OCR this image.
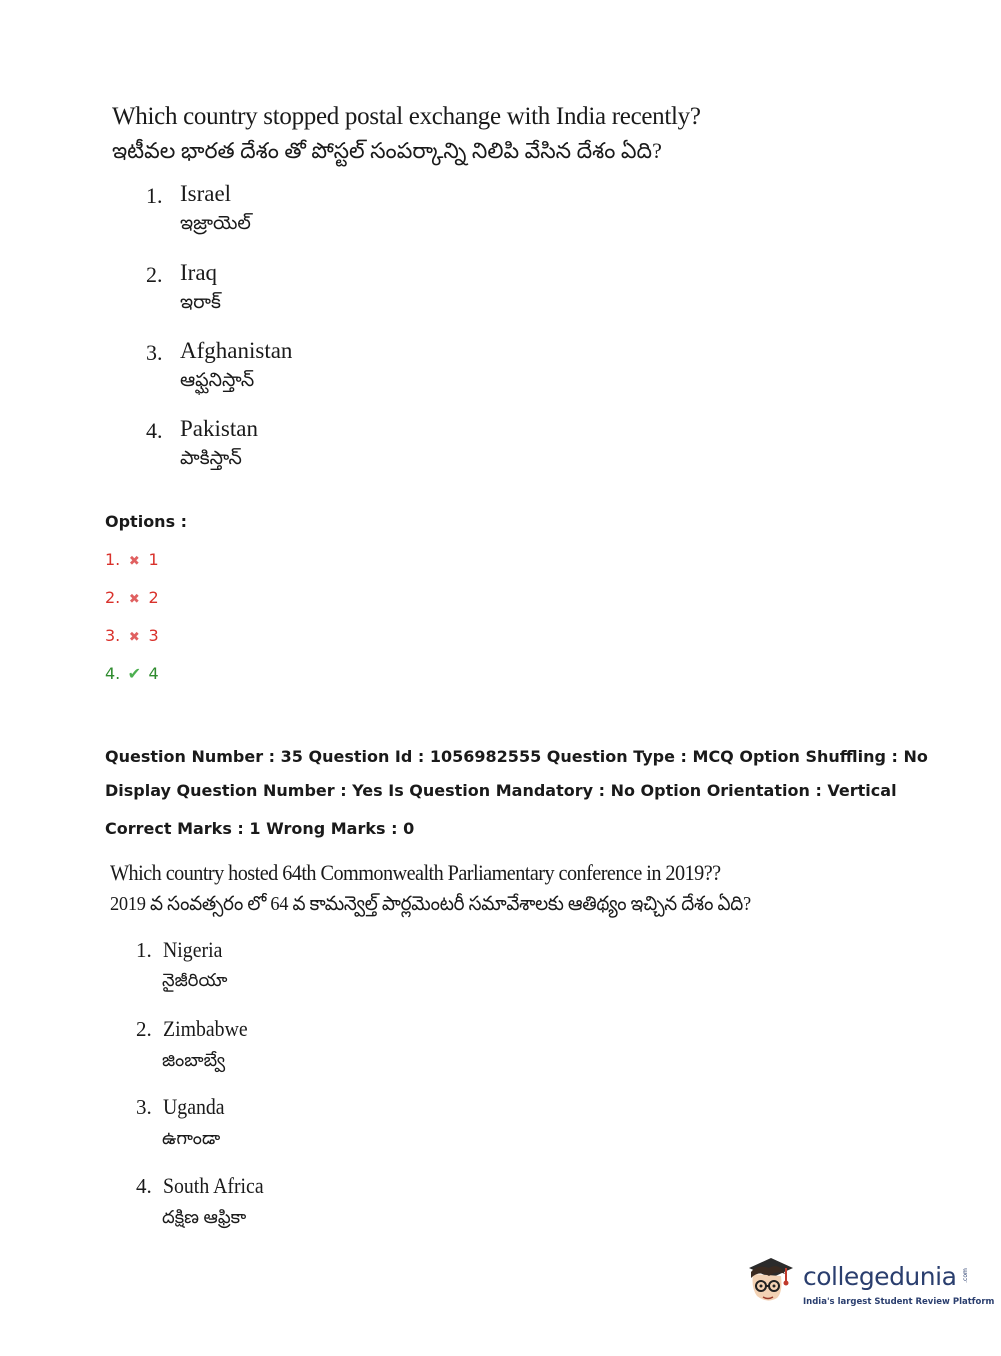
Which country stopped postal exchange with India recently?
ఇటీవల భారత దేశం తో పోస్టల్ సంపర్కాన్ని నిలిపి వేసిన దేశం ఏది?
1. Israel
ఇజ్రాయెల్
2. Iraq
ఇరాక్
3. Afghanistan
ఆఫ్ఘనిస్తాన్
4. Pakistan
పాకిస్తాన్
Options :
1. ✖ 1
2. ✖ 2
3. ✖ 3
4. ✔ 4
Question Number : 35 Question Id : 1056982555 Question Type : MCQ Option Shuffling : No
Display Question Number : Yes Is Question Mandatory : No Option Orientation : Vertical
Correct Marks : 1 Wrong Marks : 0
Which country hosted 64th Commonwealth Parliamentary conference in 2019??
2019 వ సంవత్సరం లో 64 వ కామన్వెల్త్ పార్లమెంటరీ సమావేశాలకు ఆతిథ్యం ఇచ్చిన దేశం ఏది?
1. Nigeria
నైజీరియా
2. Zimbabwe
జింబాబ్వే
3. Uganda
ఉగాండా
4. South Africa
దక్షిణ ఆఫ్రికా
collegedunia .com
India's largest Student Review Platform
